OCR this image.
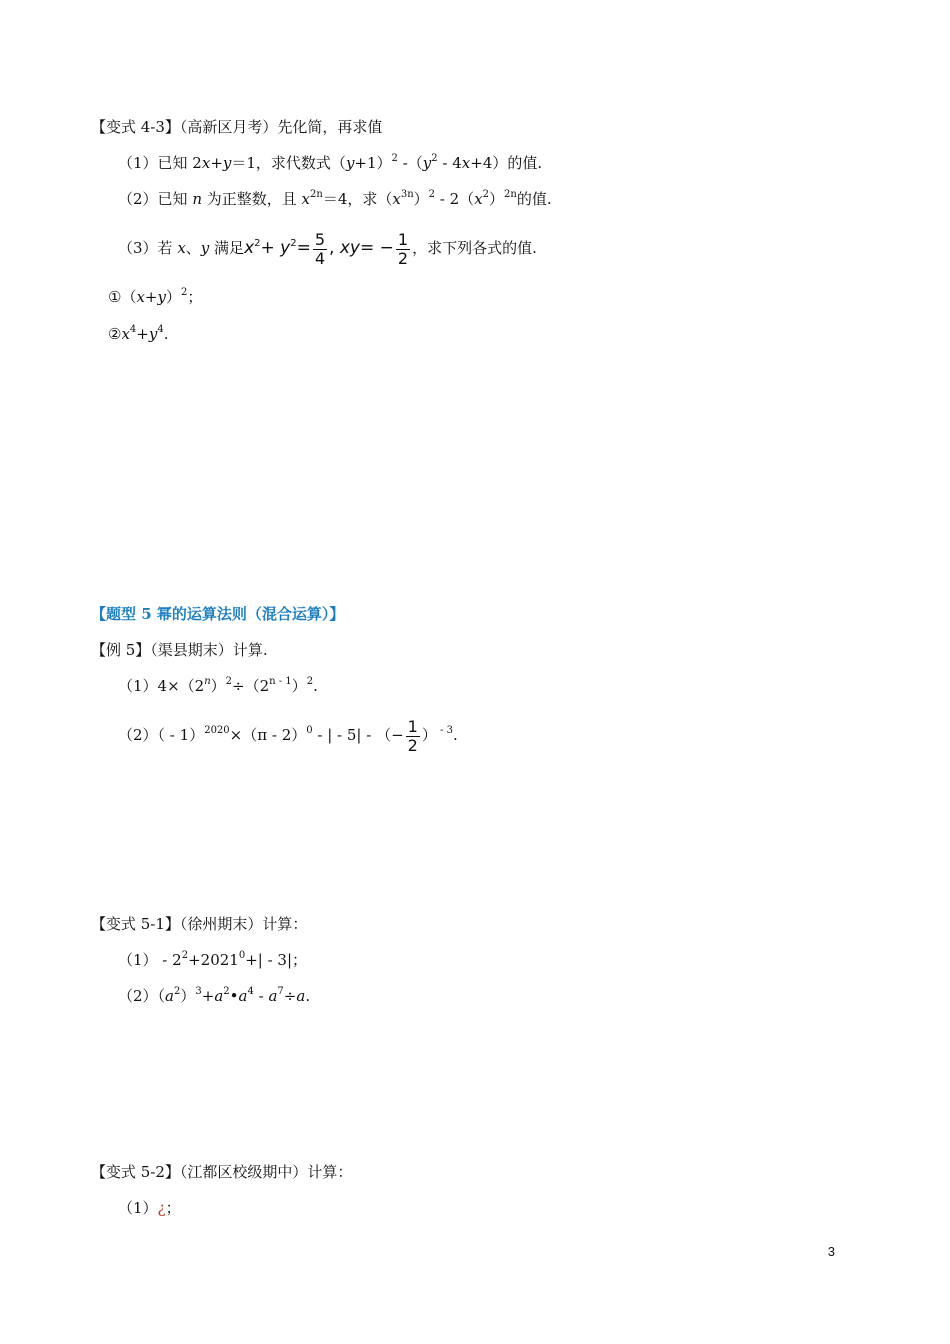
【变式 4-3】（高新区月考）先化简，再求值
（1）已知 2x+y＝1，求代数式$(y+1)^2$ $-(y^2 - 4x+4)$的值.
（2）已知 n 为正整数，且 $x^{2n}=4$，求$(x^{3n})^2 - 2(x^2)^{2n}$的值.
（3）若 x、y 满足$x^2+ y^2= \frac{5}{4}$ , $xy= - \frac{1}{2}$ ，求下列各式的值.
$①(x+y)^2$；
$②x^4+y^4$.
【题型 5 幂的运算法则（混合运算）】
【例 5】（渠县期末）计算.
$(1)4\times(2^n)^2\div(2^{n - 1})^2$.
（2）（ - 1）$^{2020}$×（π - 2）$^0$ - | - 5| - （− $\frac{1}{2}$ ） $^{- 3}$.
【变式 5-1】（徐州期末）计算：
$(1) - 2^2+2021^0+| - 3|$；
$(2)(a^2)^3+a^2•a^4 - a^7\div a$.
【变式 5-2】（江都区校级期中）计算：
（1）¿；
3
